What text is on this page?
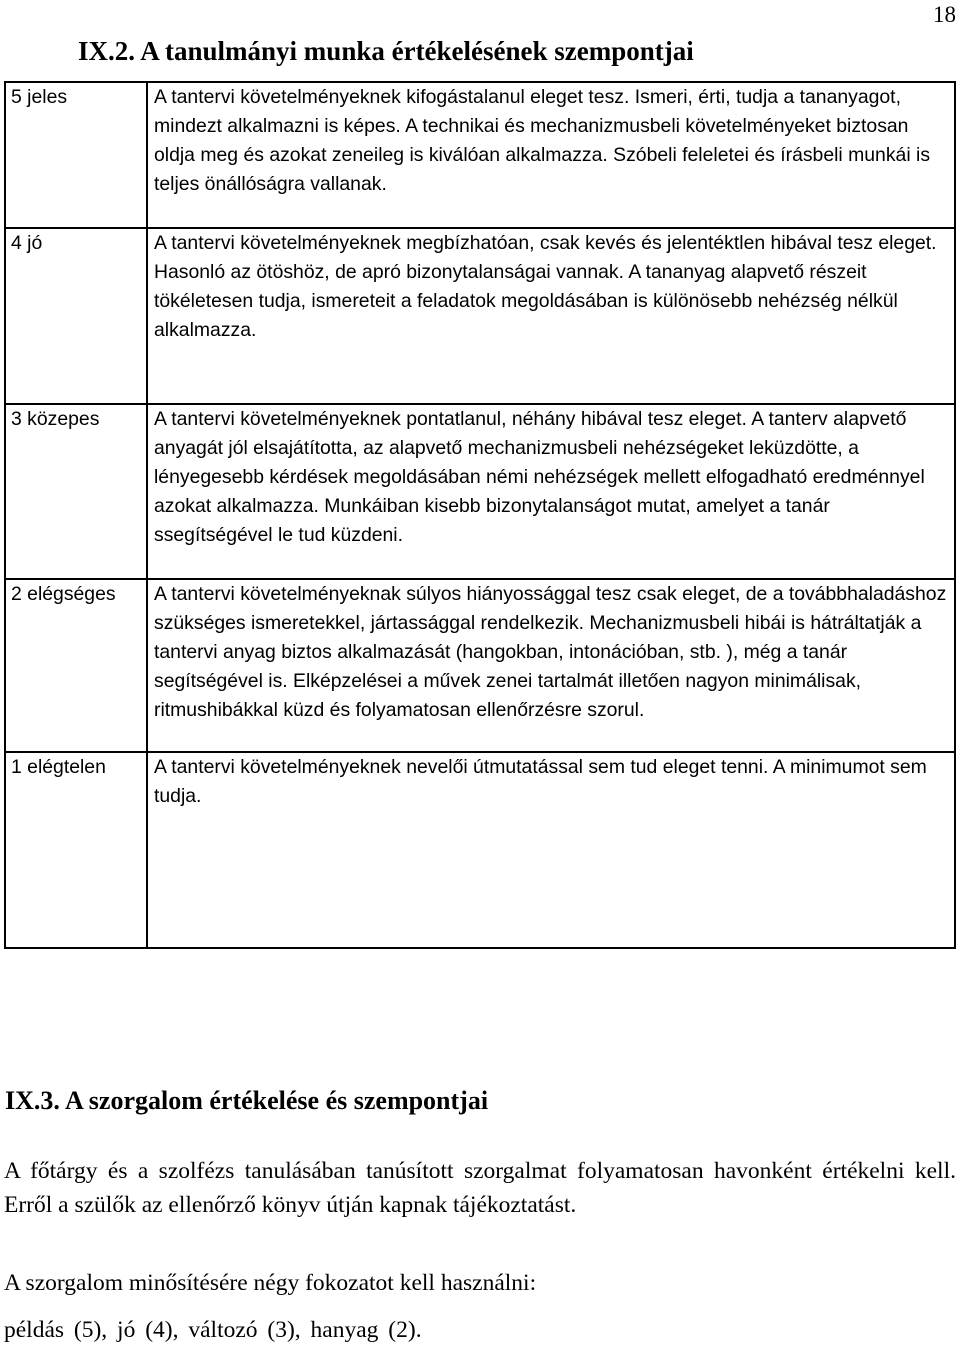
18
IX.2. A tanulmányi munka értékelésének szempontjai
5 jeles	A tantervi követelményeknek kifogástalanul eleget tesz. Ismeri, érti, tudja a tananyagot, mindezt alkalmazni is képes. A technikai és mechanizmusbeli követelményeket biztosan oldja meg és azokat zeneileg is kiválóan alkalmazza. Szóbeli feleletei és írásbeli munkái is teljes önállóságra vallanak.
4 jó	A tantervi követelményeknek megbízhatóan, csak kevés és jelentéktlen hibával tesz eleget. Hasonló az ötöshöz, de apró bizonytalanságai vannak. A tananyag alapvető részeit tökéletesen tudja, ismereteit a feladatok megoldásában is különösebb nehézség nélkül alkalmazza.
3 közepes	A tantervi követelményeknek pontatlanul, néhány hibával tesz eleget. A tanterv alapvető anyagát jól elsajátította, az alapvető mechanizmusbeli nehézségeket leküzdötte, a lényegesebb kérdések megoldásában némi nehézségek mellett elfogadható eredménnyel azokat alkalmazza. Munkáiban kisebb bizonytalanságot mutat, amelyet a tanár ssegítségével le tud küzdeni.
2 elégséges	A tantervi követelményeknak súlyos hiányossággal tesz csak eleget, de a továbbhaladáshoz szükséges ismeretekkel, jártassággal rendelkezik. Mechanizmusbeli hibái is hátráltatják a tantervi anyag biztos alkalmazását (hangokban, intonációban, stb. ), még a tanár segítségével is. Elképzelései a művek zenei tartalmát illetően nagyon minimálisak, ritmushibákkal küzd és folyamatosan ellenőrzésre szorul.
1 elégtelen	A tantervi követelményeknek nevelői útmutatással sem tud eleget tenni. A minimumot sem tudja.
IX.3. A szorgalom értékelése és szempontjai

A főtárgy és a szolfézs tanulásában tanúsított szorgalmat folyamatosan havonként értékelni kell. Erről a szülők az ellenőrző könyv útján kapnak tájékoztatást.

A szorgalom minősítésére négy fokozatot kell használni:

példás (5), jó (4), változó (3), hanyag (2).
